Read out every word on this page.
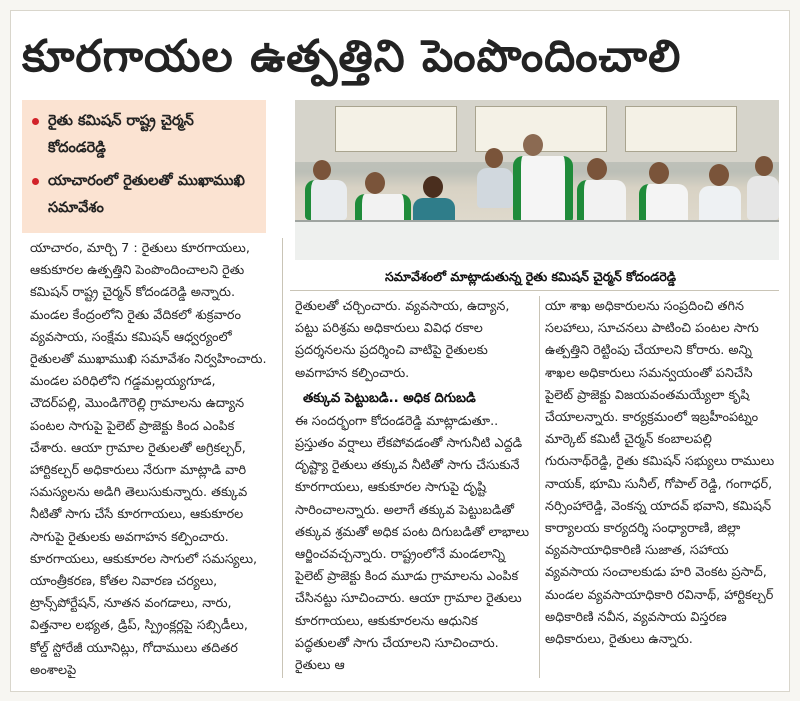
కూరగాయల ఉత్పత్తిని పెంపొందించాలి
రైతు కమిషన్ రాష్ట్ర చైర్మన్ కోదండరెడ్డి
యాచారంలో రైతులతో ముఖాముఖి సమావేశం
సమావేశంలో మాట్లాడుతున్న రైతు కమిషన్ చైర్మన్ కోదండరెడ్డి

యాచారం, మార్చి 7 : రైతులు కూరగాయలు, ఆకుకూరల ఉత్పత్తిని పెంపొందించాలని రైతు కమిషన్ రాష్ట్ర చైర్మన్ కోదండరెడ్డి అన్నారు. మండల కేంద్రంలోని రైతు వేదికలో శుక్రవారం వ్యవసాయ, సంక్షేమ కమిషన్ ఆధ్వర్యంలో రైతులతో ముఖాముఖి సమావేశం నిర్వహించారు. మండల పరిధిలోని గడ్డమల్లయ్యగూడ, చౌదర్‌పల్లి, మొండిగౌరెల్లి గ్రామాలను ఉద్యాన పంటల సాగుపై పైలెట్ ప్రాజెక్టు కింద ఎంపిక చేశారు. ఆయా గ్రామాల రైతులతో అగ్రికల్చర్, హార్టికల్చర్ అధికారులు నేరుగా మాట్లాడి వారి సమస్యలను అడిగి తెలుసుకున్నారు. తక్కువ నీటితో సాగు చేసే కూరగాయలు, ఆకుకూరల సాగుపై రైతులకు అవగాహన కల్పించారు. కూరగాయలు, ఆకుకూరల సాగులో సమస్యలు, యాంత్రీకరణ, కోతల నివారణ చర్యలు, ట్రాన్స్‌పోర్టేషన్, నూతన వంగడాలు, నారు, విత్తనాల లభ్యత, డ్రిప్, స్ప్రింక్లర్లపై సబ్సిడీలు, కోల్డ్ స్టోరేజీ యూనిట్లు, గోదాములు తదితర అంశాలపై

రైతులతో చర్చించారు. వ్యవసాయ, ఉద్యాన, పట్టు పరిశ్రమ అధికారులు వివిధ రకాల ప్రదర్శనలను ప్రదర్శించి వాటిపై రైతులకు అవగాహన కల్పించారు.

తక్కువ పెట్టుబడి.. అధిక దిగుబడి

ఈ సందర్భంగా కోదండరెడ్డి మాట్లాడుతూ.. ప్రస్తుతం వర్షాలు లేకపోవడంతో సాగునీటి ఎద్దడి దృష్ట్యా రైతులు తక్కువ నీటితో సాగు చేసుకునే కూరగాయలు, ఆకుకూరల సాగుపై దృష్టి సారించాలన్నారు. అలాగే తక్కువ పెట్టుబడితో తక్కువ శ్రమతో అధిక పంట దిగుబడితో లాభాలు ఆర్జించవచ్చన్నారు. రాష్ట్రంలోనే మండలాన్ని పైలెట్ ప్రాజెక్టు కింద మూడు గ్రామాలను ఎంపిక చేసినట్టు సూచించారు. ఆయా గ్రామాల రైతులు కూరగాయలు, ఆకుకూరలను ఆధునిక పద్ధతులతో సాగు చేయాలని సూచించారు. రైతులు ఆ

యా శాఖ అధికారులను సంప్రదించి తగిన సలహాలు, సూచనలు పాటించి పంటల సాగు ఉత్పత్తిని రెట్టింపు చేయాలని కోరారు. అన్ని శాఖల అధికారులు సమన్వయంతో పనిచేసి పైలెట్ ప్రాజెక్టు విజయవంతమయ్యేలా కృషి చేయాలన్నారు. కార్యక్రమంలో ఇబ్రహీంపట్నం మార్కెట్ కమిటీ చైర్మన్ కంబాలపల్లి గురునాథ్‌రెడ్డి, రైతు కమిషన్ సభ్యులు రాములు నాయక్, భూమి సునీల్, గోపాల్ రెడ్డి, గంగాధర్, నర్సింహారెడ్డి, వెంకన్న యాదవ్ భవాని, కమిషన్ కార్యాలయ కార్యదర్శి సంధ్యారాణి, జిల్లా వ్యవసాయాధికారిణి సుజాత, సహాయ వ్యవసాయ సంచాలకుడు హరి వెంకట ప్రసాద్, మండల వ్యవసాయాధికారి రవినాథ్, హార్టికల్చర్ అధికారిణి నవీన, వ్యవసాయ విస్తరణ అధికారులు, రైతులు ఉన్నారు.
